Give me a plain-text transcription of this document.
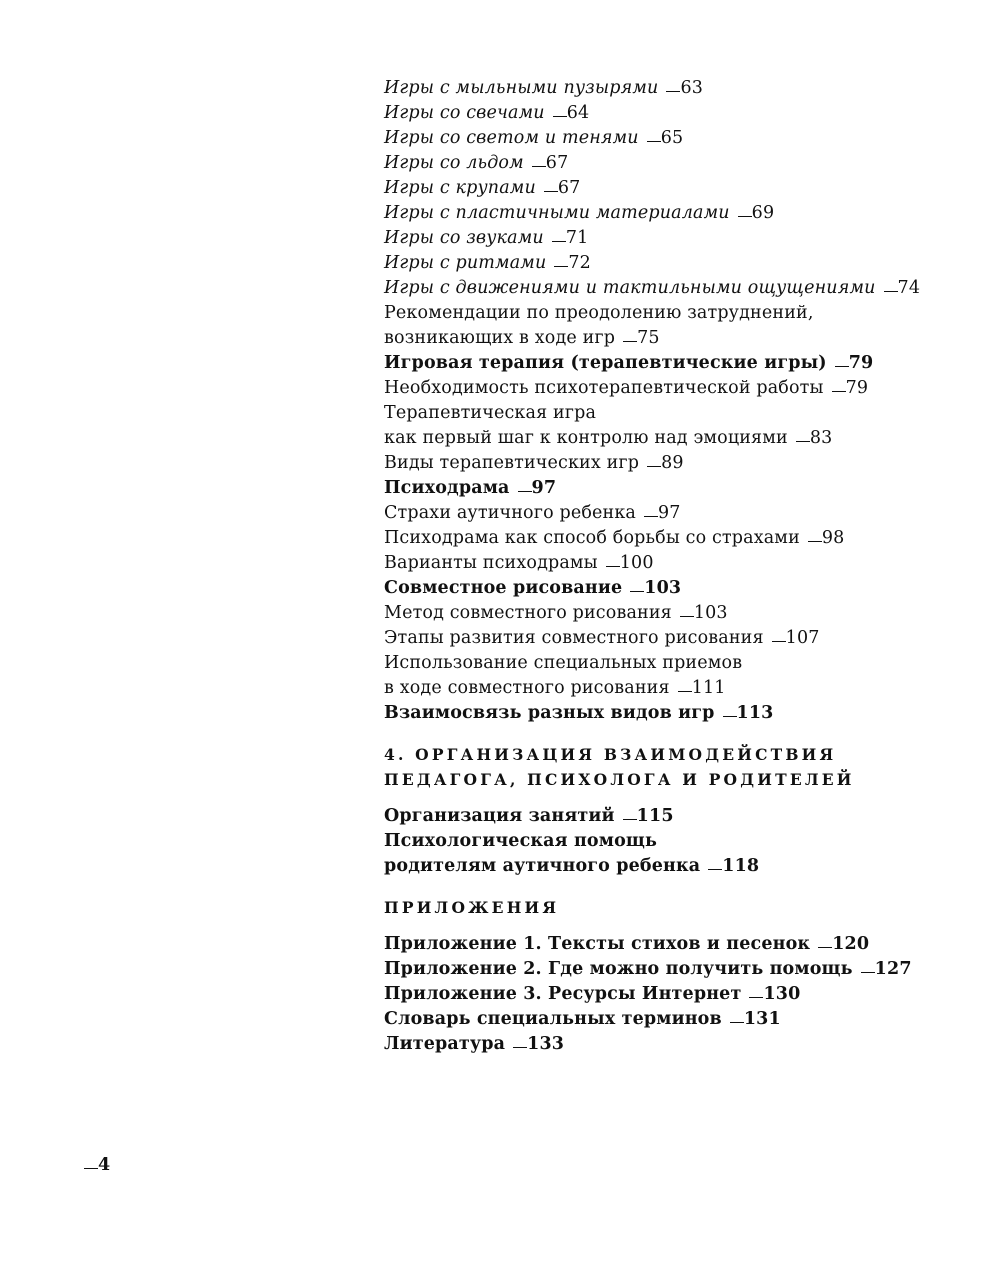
Игры с мыльными пузырями 63
Игры со свечами 64
Игры со светом и тенями 65
Игры со льдом 67
Игры с крупами 67
Игры с пластичными материалами 69
Игры со звуками 71
Игры с ритмами 72
Игры с движениями и тактильными ощущениями 74
Рекомендации по преодолению затруднений,
возникающих в ходе игр 75
Игровая терапия (терапевтические игры) 79
Необходимость психотерапевтической работы 79
Терапевтическая игра
как первый шаг к контролю над эмоциями 83
Виды терапевтических игр 89
Психодрама 97
Страхи аутичного ребенка 97
Психодрама как способ борьбы со страхами 98
Варианты психодрамы 100
Совместное рисование 103
Метод совместного рисования 103
Этапы развития совместного рисования 107
Использование специальных приемов
в ходе совместного рисования 111
Взаимосвязь разных видов игр 113
4. ОРГАНИЗАЦИЯ ВЗАИМОДЕЙСТВИЯ
ПЕДАГОГА, ПСИХОЛОГА И РОДИТЕЛЕЙ
Организация занятий 115
Психологическая помощь
родителям аутичного ребенка 118
ПРИЛОЖЕНИЯ
Приложение 1. Тексты стихов и песенок 120
Приложение 2. Где можно получить помощь 127
Приложение 3. Ресурсы Интернет 130
Словарь специальных терминов 131
Литература 133
4
